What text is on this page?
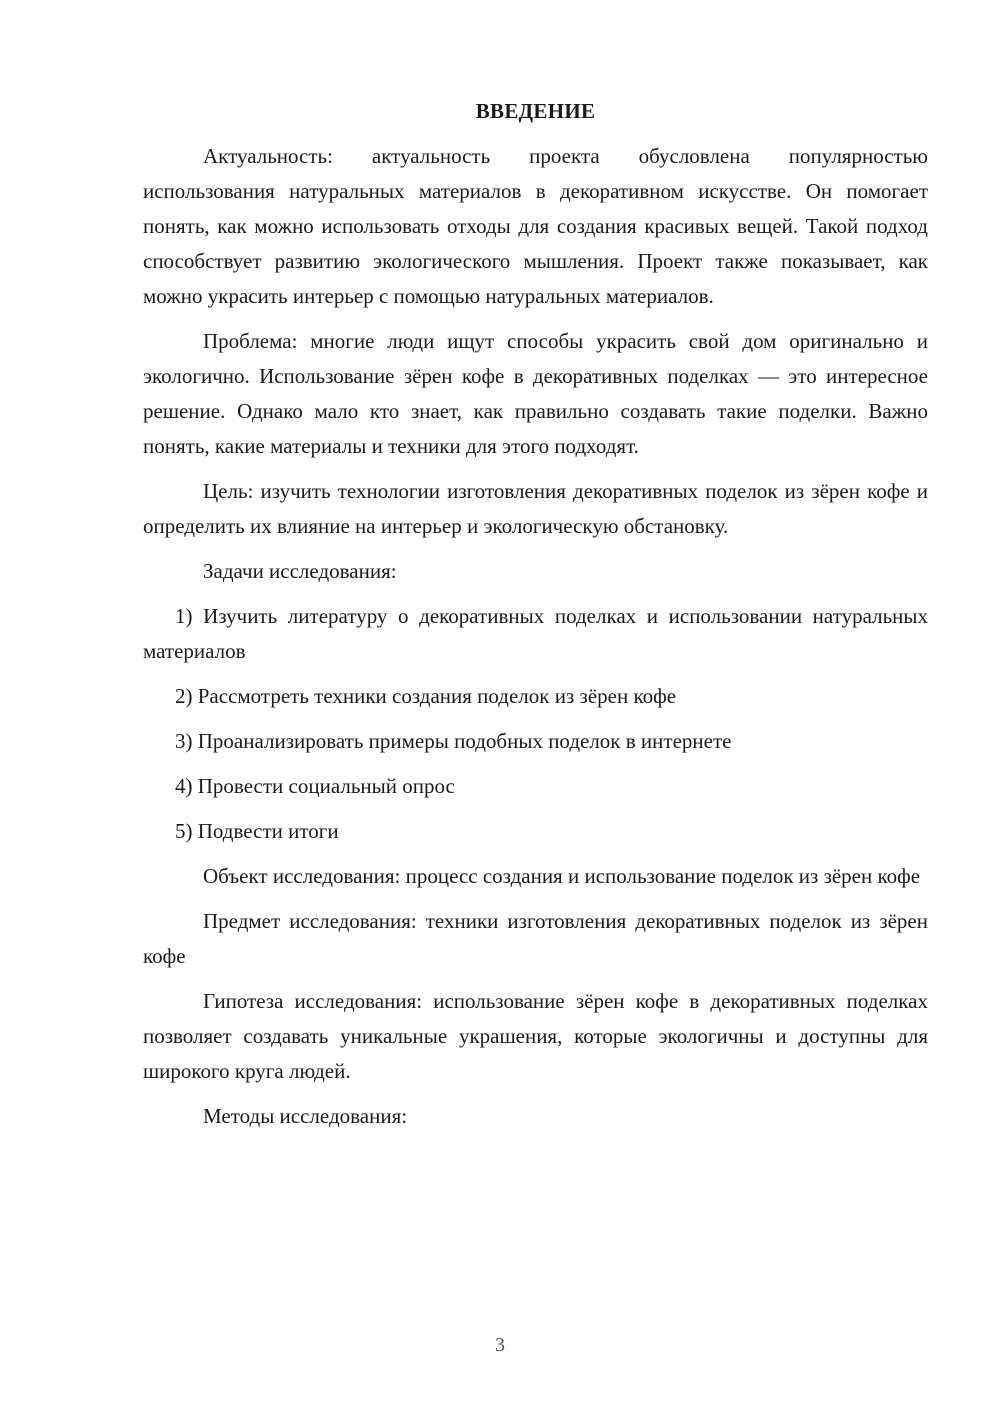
ВВЕДЕНИЕ

Актуальность: актуальность проекта обусловлена популярностью использования натуральных материалов в декоративном искусстве. Он помогает понять, как можно использовать отходы для создания красивых вещей. Такой подход способствует развитию экологического мышления. Проект также показывает, как можно украсить интерьер с помощью натуральных материалов.

Проблема: многие люди ищут способы украсить свой дом оригинально и экологично. Использование зёрен кофе в декоративных поделках — это интересное решение. Однако мало кто знает, как правильно создавать такие поделки. Важно понять, какие материалы и техники для этого подходят.

Цель: изучить технологии изготовления декоративных поделок из зёрен кофе и определить их влияние на интерьер и экологическую обстановку.

Задачи исследования:

1) Изучить литературу о декоративных поделках и использовании натуральных материалов

2) Рассмотреть техники создания поделок из зёрен кофе

3) Проанализировать примеры подобных поделок в интернете

4) Провести социальный опрос

5) Подвести итоги

Объект исследования: процесс создания и использование поделок из зёрен кофе

Предмет исследования: техники изготовления декоративных поделок из зёрен кофе

Гипотеза исследования: использование зёрен кофе в декоративных поделках позволяет создавать уникальные украшения, которые экологичны и доступны для широкого круга людей.

Методы исследования:

3
